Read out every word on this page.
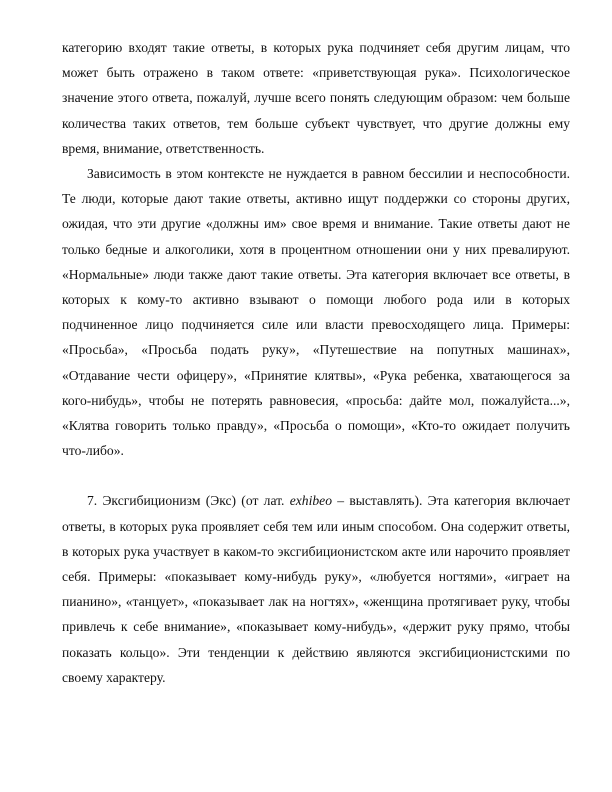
категорию входят такие ответы, в которых рука подчиняет себя другим лицам, что может быть отражено в таком ответе: «приветствующая рука». Психологическое значение этого ответа, пожалуй, лучше всего понять следующим образом: чем больше количества таких ответов, тем больше субъект чувствует, что другие должны ему время, внимание, ответственность.

Зависимость в этом контексте не нуждается в равном бессилии и неспособности. Те люди, которые дают такие ответы, активно ищут поддержки со стороны других, ожидая, что эти другие «должны им» свое время и внимание. Такие ответы дают не только бедные и алкоголики, хотя в процентном отношении они у них превалируют. «Нормальные» люди также дают такие ответы. Эта категория включает все ответы, в которых к кому-то активно взывают о помощи любого рода или в которых подчиненное лицо подчиняется силе или власти превосходящего лица. Примеры: «Просьба», «Просьба подать руку», «Путешествие на попутных машинах», «Отдавание чести офицеру», «Принятие клятвы», «Рука ребенка, хватающегося за кого-нибудь», чтобы не потерять равновесия, «просьба: дайте мол, пожалуйста...», «Клятва говорить только правду», «Просьба о помощи», «Кто-то ожидает получить что-либо».

7. Эксгибиционизм (Экс) (от лат. exhibeo – выставлять). Эта категория включает ответы, в которых рука проявляет себя тем или иным способом. Она содержит ответы, в которых рука участвует в каком-то эксгибиционистском акте или нарочито проявляет себя. Примеры: «показывает кому-нибудь руку», «любуется ногтями», «играет на пианино», «танцует», «показывает лак на ногтях», «женщина протягивает руку, чтобы привлечь к себе внимание», «показывает кому-нибудь», «держит руку прямо, чтобы показать кольцо». Эти тенденции к действию являются эксгибиционистскими по своему характеру.
